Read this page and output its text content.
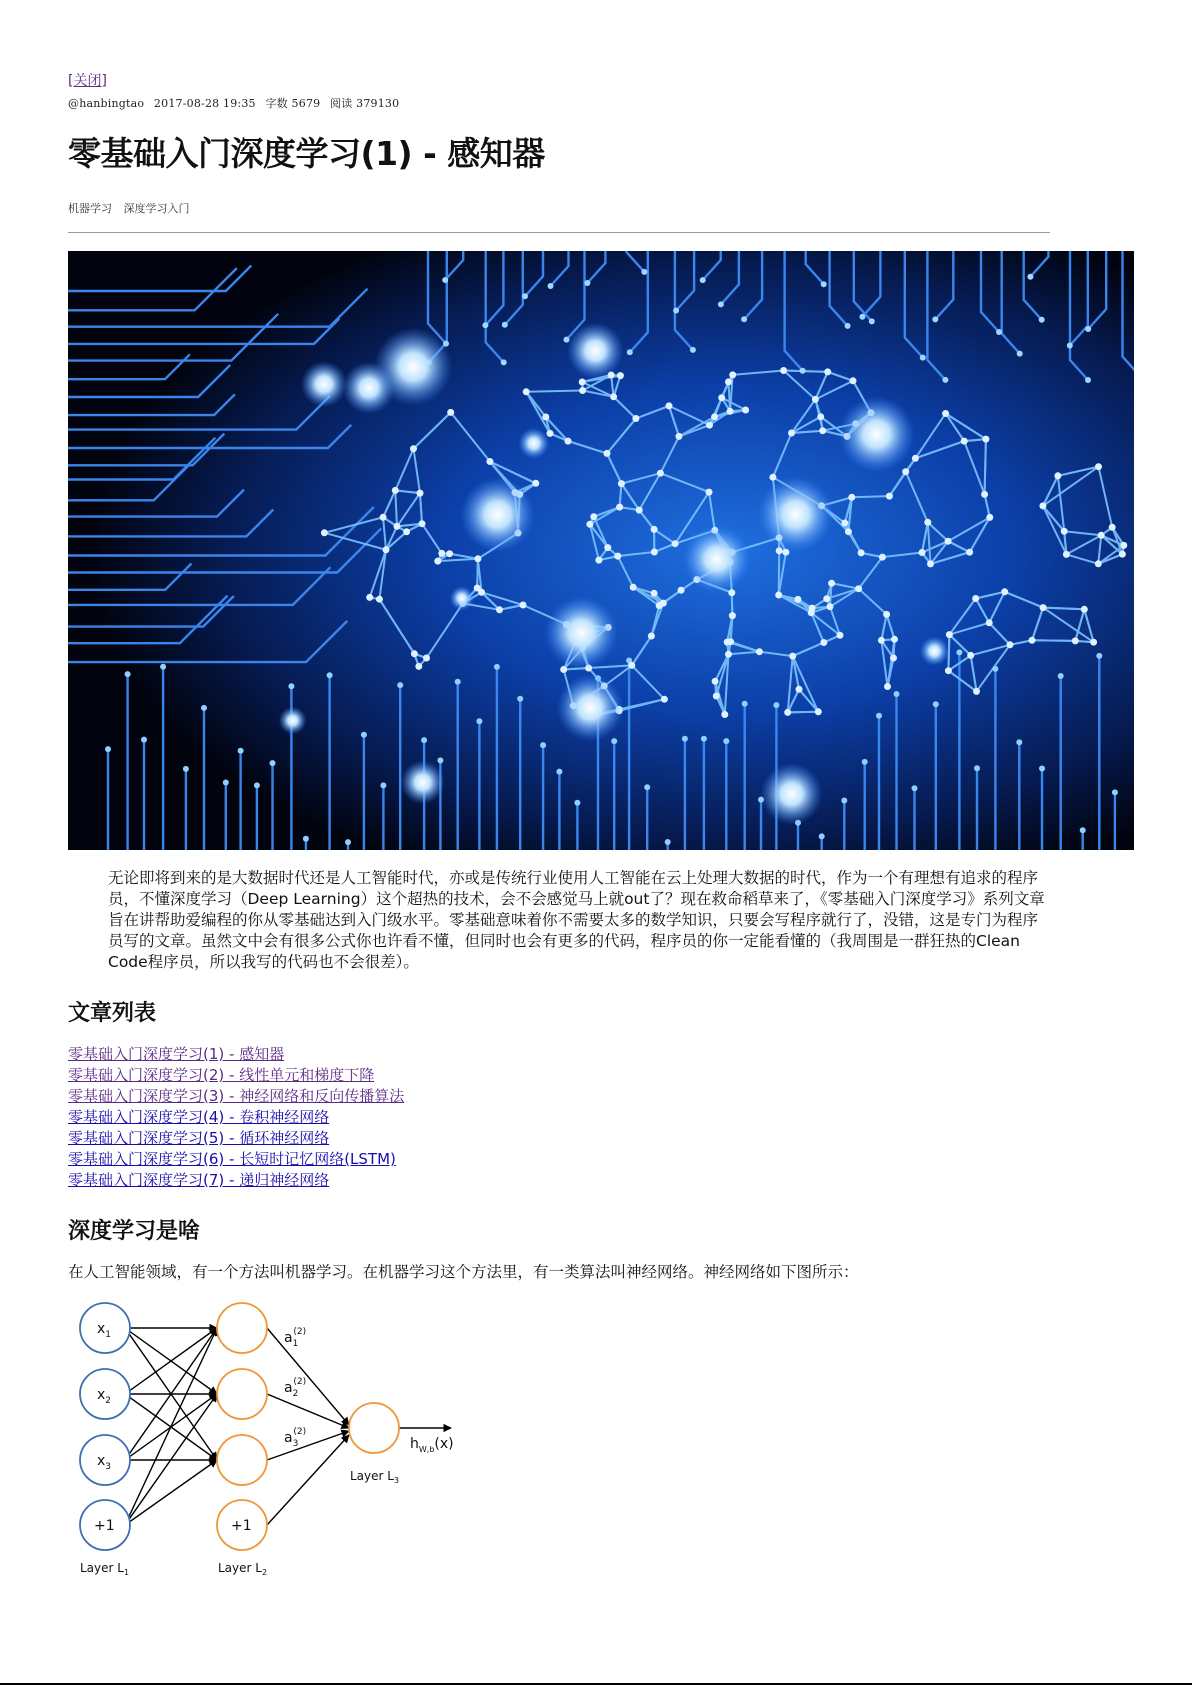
[关闭]
@hanbingtao 2017-08-28 19:35 字数 5679 阅读 379130
零基础入门深度学习(1) - 感知器
机器学习 深度学习入门

无论即将到来的是大数据时代还是人工智能时代，亦或是传统行业使用人工智能在云上处理大数据的时代，作为一个有理想有追求的程序员，不懂深度学习（Deep Learning）这个超热的技术，会不会感觉马上就out了？现在救命稻草来了，《零基础入门深度学习》系列文章旨在讲帮助爱编程的你从零基础达到入门级水平。零基础意味着你不需要太多的数学知识，只要会写程序就行了，没错，这是专门为程序员写的文章。虽然文中会有很多公式你也许看不懂，但同时也会有更多的代码，程序员的你一定能看懂的（我周围是一群狂热的Clean Code程序员，所以我写的代码也不会很差）。

文章列表
零基础入门深度学习(1) - 感知器
零基础入门深度学习(2) - 线性单元和梯度下降
零基础入门深度学习(3) - 神经网络和反向传播算法
零基础入门深度学习(4) - 卷积神经网络
零基础入门深度学习(5) - 循环神经网络
零基础入门深度学习(6) - 长短时记忆网络(LSTM)
零基础入门深度学习(7) - 递归神经网络
深度学习是啥

在人工智能领域，有一个方法叫机器学习。在机器学习这个方法里，有一类算法叫神经网络。神经网络如下图所示：

$x_1$
$x_2$
$x_3$
+1	+1
$a_1(2)$
$a_2(2)$
$a_3(2)$
$h_{W,b}(x)$
Layer $L_1$	Layer $L_2$
Layer $L_3$
